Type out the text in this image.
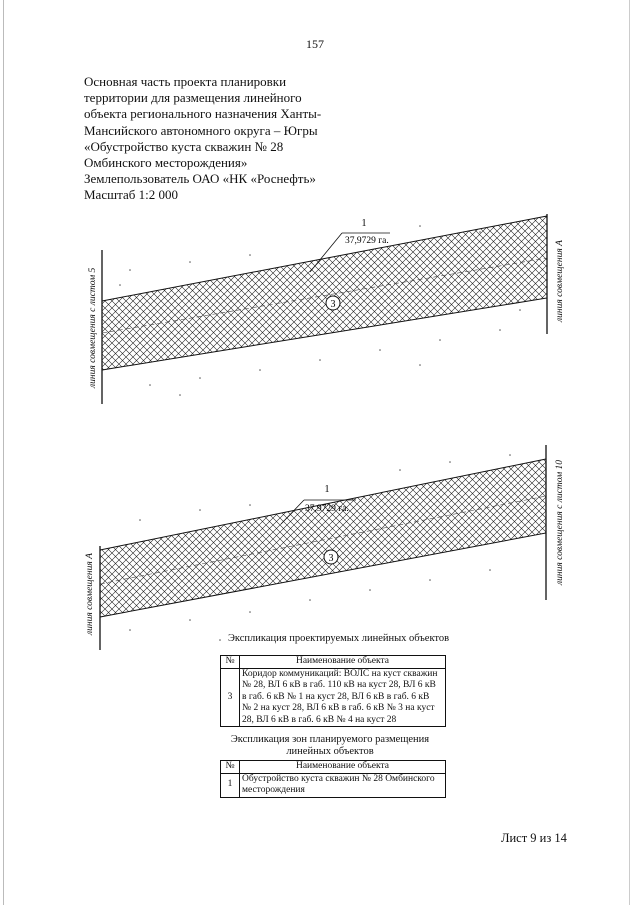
157
Основная часть проекта планировки
территории для размещения линейного
объекта регионального назначения Ханты-
Мансийского автономного округа – Югры
«Обустройство куста скважин № 28
Омбинского месторождения»
Землепользователь ОАО «НК «Роснефть»
Масштаб 1:2 000
3
1
37,9729 га.
3
1
37,9729 га.
линия совмещения с листом 5	линия совмещения А
линия совмещения А
линия совмещения с листом 10
Экспликация проектируемых линейных объектов
№	Наименование объекта
3	Коридор коммуникаций: ВОЛС на куст скважин
№ 28, ВЛ 6 кВ в габ. 110 кВ на куст 28, ВЛ 6 кВ
в габ. 6 кВ № 1 на куст 28, ВЛ 6 кВ в габ. 6 кВ
№ 2 на куст 28, ВЛ 6 кВ в габ. 6 кВ № 3 на куст
28, ВЛ 6 кВ в габ. 6 кВ № 4 на куст 28
Экспликация зон планируемого размещения
линейных объектов
№	Наименование объекта
1	Обустройство куста скважин № 28 Омбинского
месторождения
Лист 9 из 14
